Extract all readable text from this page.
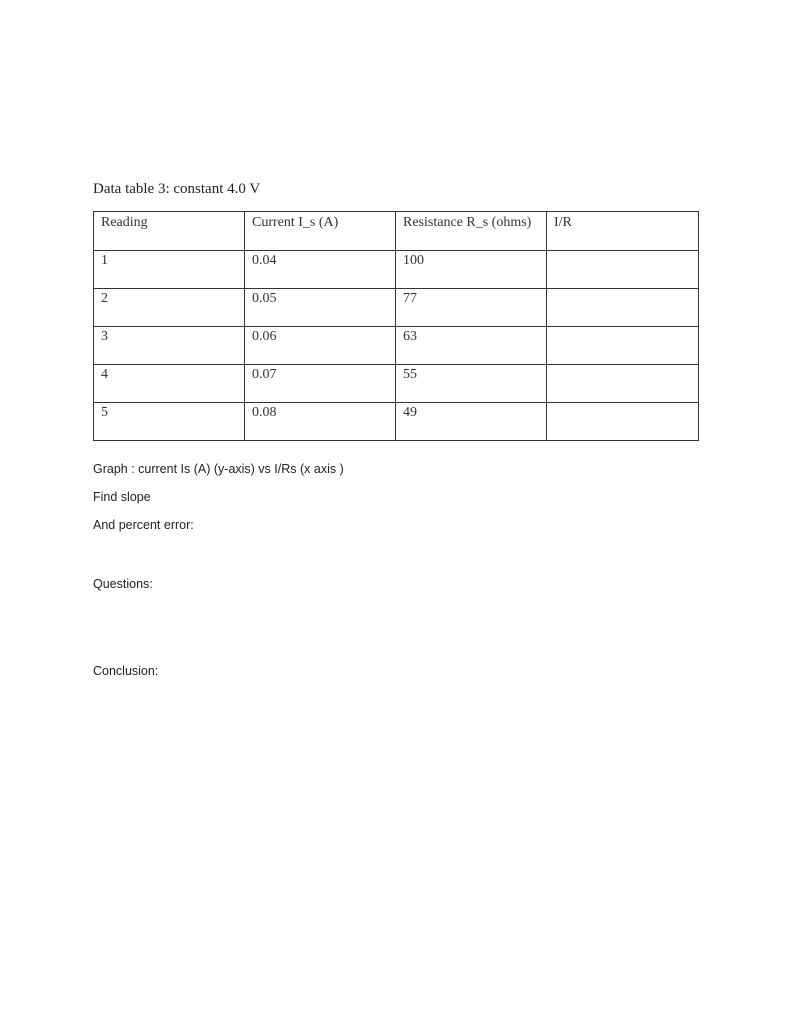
Data table 3: constant 4.0 V
Reading	Current I_s (A)	Resistance R_s (ohms)	I/R
1	0.04	100	
2	0.05	77	
3	0.06	63	
4	0.07	55	
5	0.08	49	
Graph : current Is (A) (y-axis) vs I/Rs (x axis )
Find slope
And percent error:
Questions:
Conclusion:
